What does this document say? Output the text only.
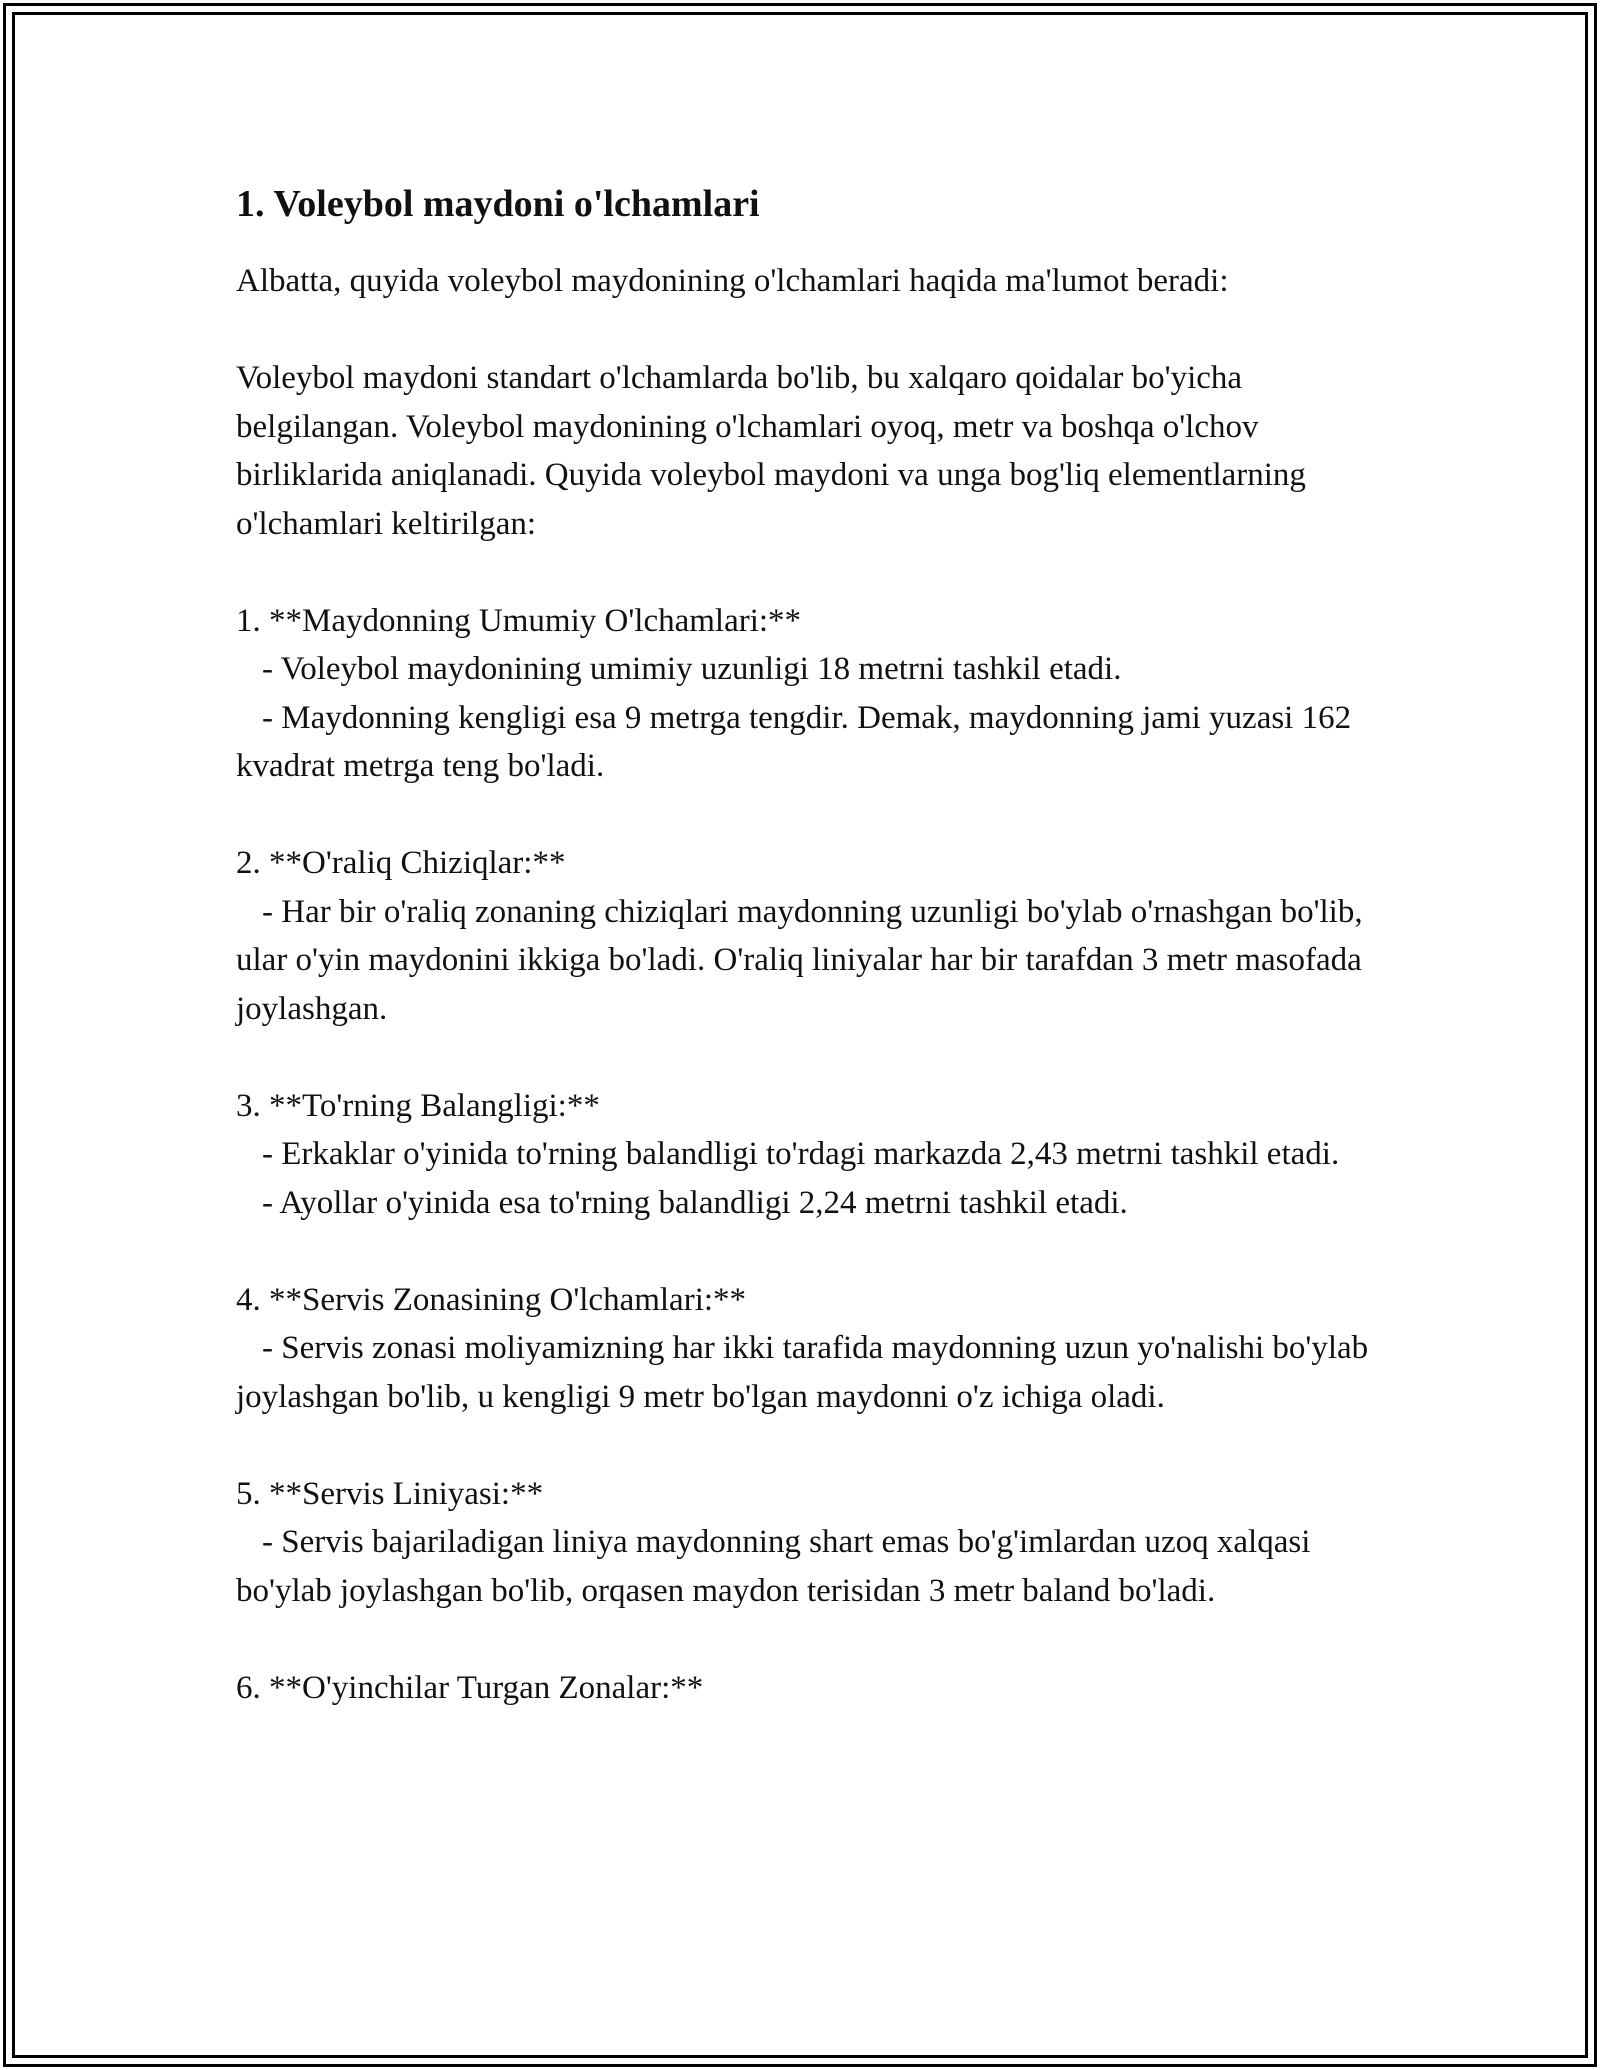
1. Voleybol maydoni o'lchamlari

Albatta, quyida voleybol maydonining o'lchamlari haqida ma'lumot beradi:

Voleybol maydoni standart o'lchamlarda bo'lib, bu xalqaro qoidalar bo'yicha belgilangan. Voleybol maydonining o'lchamlari oyoq, metr va boshqa o'lchov birliklarida aniqlanadi. Quyida voleybol maydoni va unga bog'liq elementlarning o'lchamlari keltirilgan:

1. **Maydonning Umumiy O'lchamlari:**

- Voleybol maydonining umimiy uzunligi 18 metrni tashkil etadi.

- Maydonning kengligi esa 9 metrga tengdir. Demak, maydonning jami yuzasi 162 kvadrat metrga teng bo'ladi.

2. **O'raliq Chiziqlar:**

- Har bir o'raliq zonaning chiziqlari maydonning uzunligi bo'ylab o'rnashgan bo'lib, ular o'yin maydonini ikkiga bo'ladi. O'raliq liniyalar har bir tarafdan 3 metr masofada joylashgan.

3. **To'rning Balangligi:**

- Erkaklar o'yinida to'rning balandligi to'rdagi markazda 2,43 metrni tashkil etadi.

- Ayollar o'yinida esa to'rning balandligi 2,24 metrni tashkil etadi.

4. **Servis Zonasining O'lchamlari:**

- Servis zonasi moliyamizning har ikki tarafida maydonning uzun yo'nalishi bo'ylab joylashgan bo'lib, u kengligi 9 metr bo'lgan maydonni o'z ichiga oladi.

5. **Servis Liniyasi:**

- Servis bajariladigan liniya maydonning shart emas bo'g'imlardan uzoq xalqasi bo'ylab joylashgan bo'lib, orqasen maydon terisidan 3 metr baland bo'ladi.

6. **O'yinchilar Turgan Zonalar:**
